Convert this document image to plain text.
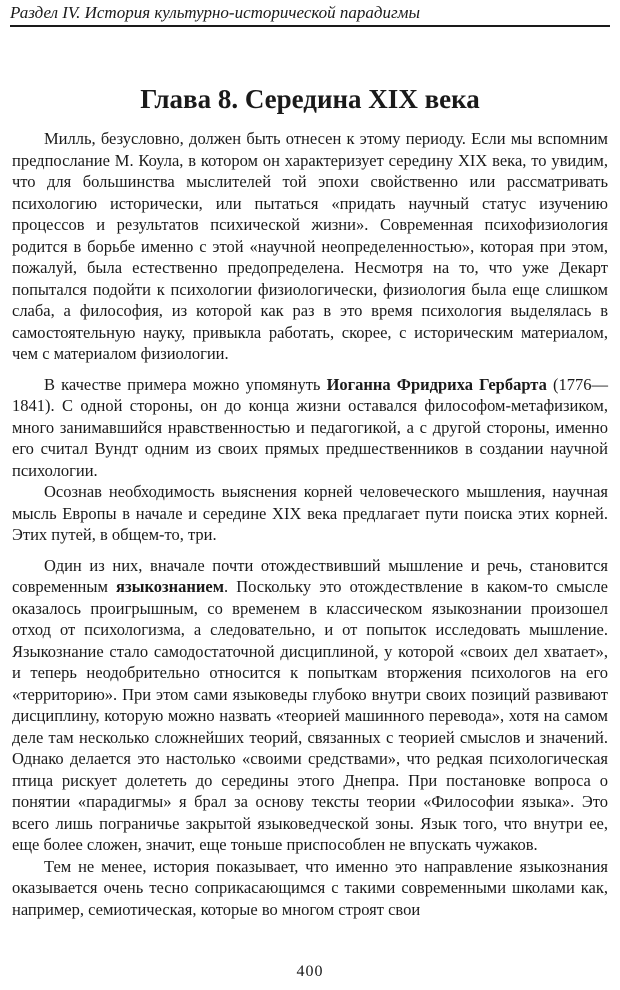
Раздел IV. История культурно-исторической парадигмы
Глава 8. Середина XIX века

Милль, безусловно, должен быть отнесен к этому периоду. Если мы вспомним предпослание М. Коула, в котором он характеризует середину XIX века, то увидим, что для большинства мыслителей той эпохи свойственно или рассматривать психологию исторически, или пытаться «придать научный статус изучению процессов и результатов психической жизни». Современная психофизиология родится в борьбе именно с этой «научной неопределенностью», которая при этом, пожалуй, была естественно предопределена. Несмотря на то, что уже Декарт попытался подойти к психологии физиологически, физиология была еще слишком слаба, а философия, из которой как раз в это время психология выделялась в самостоятельную науку, привыкла работать, скорее, с историческим материалом, чем с материалом физиологии.

В качестве примера можно упомянуть Иоганна Фридриха Гербарта (1776—1841). С одной стороны, он до конца жизни оставался философом-метафизиком, много занимавшийся нравственностью и педагогикой, а с другой стороны, именно его считал Вундт одним из своих прямых предшественников в создании научной психологии.

Осознав необходимость выяснения корней человеческого мышления, научная мысль Европы в начале и середине XIX века предлагает пути поиска этих корней. Этих путей, в общем-то, три.

Один из них, вначале почти отождествивший мышление и речь, становится современным языкознанием. Поскольку это отождествление в каком-то смысле оказалось проигрышным, со временем в классическом языкознании произошел отход от психологизма, а следовательно, и от попыток исследовать мышление. Языкознание стало самодостаточной дисциплиной, у которой «своих дел хватает», и теперь неодобрительно относится к попыткам вторжения психологов на его «территорию». При этом сами языковеды глубоко внутри своих позиций развивают дисциплину, которую можно назвать «теорией машинного перевода», хотя на самом деле там несколько сложнейших теорий, связанных с теорией смыслов и значений. Однако делается это настолько «своими средствами», что редкая психологическая птица рискует долететь до середины этого Днепра. При постановке вопроса о понятии «парадигмы» я брал за основу тексты теории «Философии языка». Это всего лишь пограничье закрытой языковедческой зоны. Язык того, что внутри ее, еще более сложен, значит, еще тоньше приспособлен не впускать чужаков.

Тем не менее, история показывает, что именно это направление языкознания оказывается очень тесно соприкасающимся с такими современными школами как, например, семиотическая, которые во многом строят свои

400
